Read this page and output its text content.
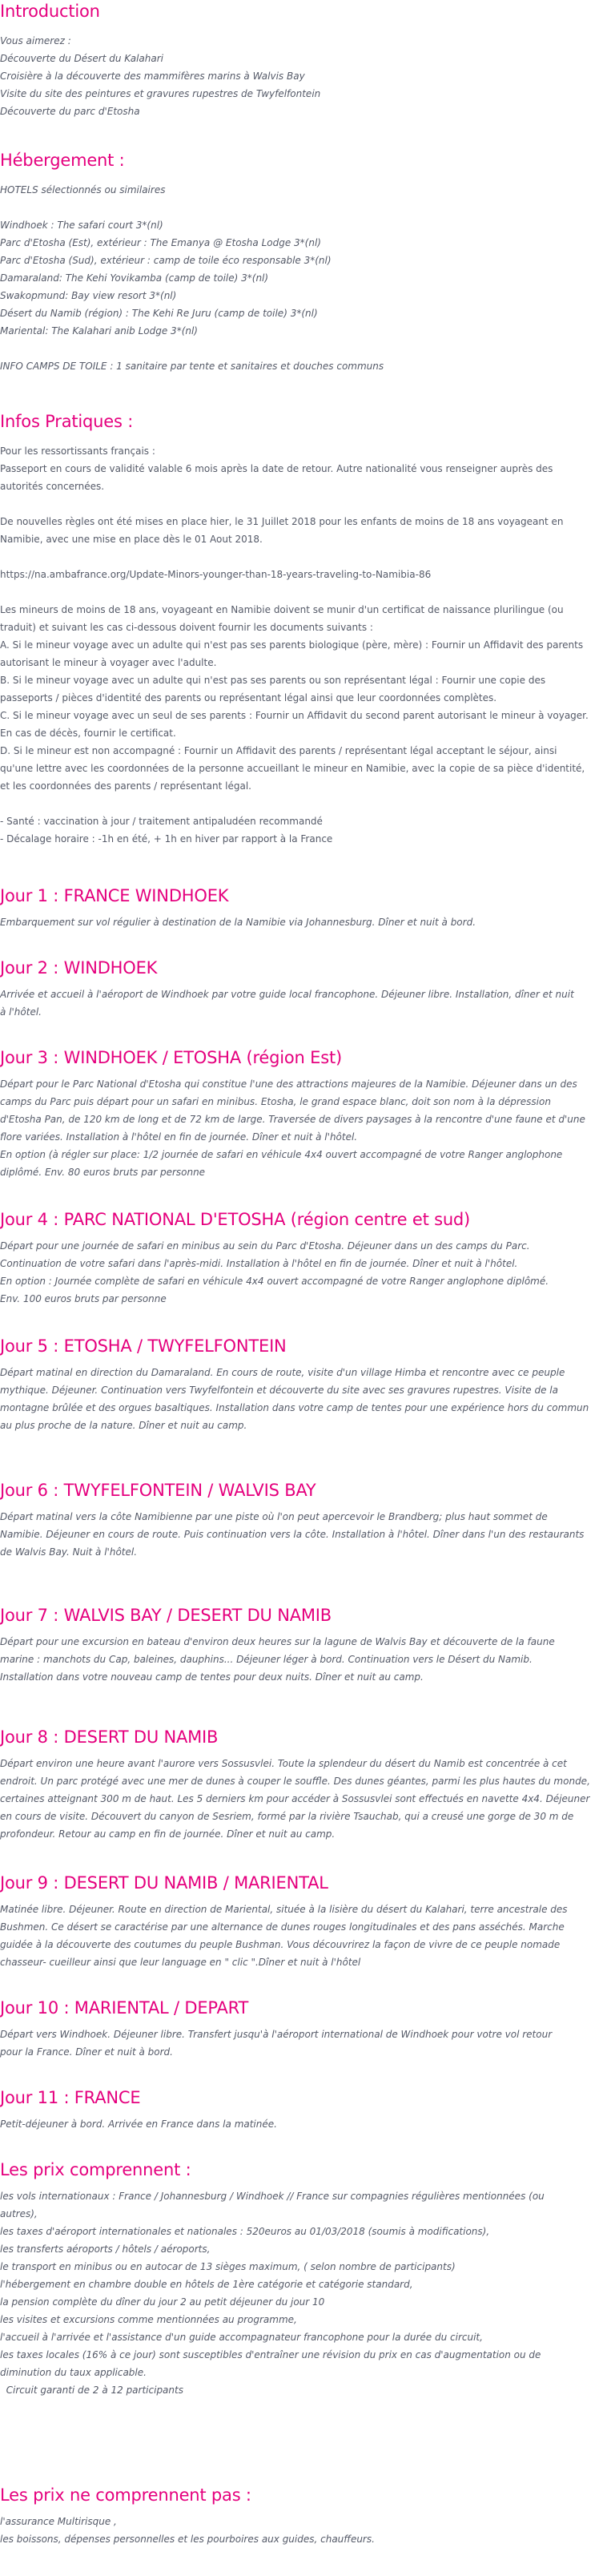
Introduction
Vous aimerez :
Découverte du Désert du Kalahari
Croisière à la découverte des mammifères marins à Walvis Bay
Visite du site des peintures et gravures rupestres de Twyfelfontein
Découverte du parc d'Etosha
Hébergement :
HOTELS sélectionnés ou similaires
Windhoek : The safari court 3*(nl)
Parc d'Etosha (Est), extérieur : The Emanya @ Etosha Lodge 3*(nl)
Parc d'Etosha (Sud), extérieur : camp de toile éco responsable 3*(nl)
Damaraland: The Kehi Yovikamba (camp de toile) 3*(nl)
Swakopmund: Bay view resort 3*(nl)
Désert du Namib (région) : The Kehi Re Juru (camp de toile) 3*(nl)
Mariental: The Kalahari anib Lodge 3*(nl)
INFO CAMPS DE TOILE : 1 sanitaire par tente et sanitaires et douches communs
Infos Pratiques :
Pour les ressortissants français :
Passeport en cours de validité valable 6 mois après la date de retour. Autre nationalité vous renseigner auprès des
autorités concernées.
De nouvelles règles ont été mises en place hier, le 31 Juillet 2018 pour les enfants de moins de 18 ans voyageant en
Namibie, avec une mise en place dès le 01 Aout 2018.
https://na.ambafrance.org/Update-Minors-younger-than-18-years-traveling-to-Namibia-86
Les mineurs de moins de 18 ans, voyageant en Namibie doivent se munir d'un certificat de naissance plurilingue (ou
traduit) et suivant les cas ci-dessous doivent fournir les documents suivants :
A. Si le mineur voyage avec un adulte qui n'est pas ses parents biologique (père, mère) : Fournir un Affidavit des parents
autorisant le mineur à voyager avec l'adulte.
B. Si le mineur voyage avec un adulte qui n'est pas ses parents ou son représentant légal : Fournir une copie des
passeports / pièces d'identité des parents ou représentant légal ainsi que leur coordonnées complètes.
C. Si le mineur voyage avec un seul de ses parents : Fournir un Affidavit du second parent autorisant le mineur à voyager.
En cas de décès, fournir le certificat.
D. Si le mineur est non accompagné : Fournir un Affidavit des parents / représentant légal acceptant le séjour, ainsi
qu'une lettre avec les coordonnées de la personne accueillant le mineur en Namibie, avec la copie de sa pièce d'identité,
et les coordonnées des parents / représentant légal.
- Santé : vaccination à jour / traitement antipaludéen recommandé
- Décalage horaire : -1h en été, + 1h en hiver par rapport à la France
Jour 1 : FRANCE WINDHOEK
Embarquement sur vol régulier à destination de la Namibie via Johannesburg. Dîner et nuit à bord.
Jour 2 : WINDHOEK
Arrivée et accueil à l'aéroport de Windhoek par votre guide local francophone. Déjeuner libre. Installation, dîner et nuit
à l'hôtel.
Jour 3 : WINDHOEK / ETOSHA (région Est)
Départ pour le Parc National d'Etosha qui constitue l'une des attractions majeures de la Namibie. Déjeuner dans un des
camps du Parc puis départ pour un safari en minibus. Etosha, le grand espace blanc, doit son nom à la dépression
d'Etosha Pan, de 120 km de long et de 72 km de large. Traversée de divers paysages à la rencontre d'une faune et d'une
flore variées. Installation à l'hôtel en fin de journée. Dîner et nuit à l'hôtel.
En option (à régler sur place: 1/2 journée de safari en véhicule 4x4 ouvert accompagné de votre Ranger anglophone
diplômé. Env. 80 euros bruts par personne
Jour 4 : PARC NATIONAL D'ETOSHA (région centre et sud)
Départ pour une journée de safari en minibus au sein du Parc d'Etosha. Déjeuner dans un des camps du Parc.
Continuation de votre safari dans l'après-midi. Installation à l'hôtel en fin de journée. Dîner et nuit à l'hôtel.
En option : Journée complète de safari en véhicule 4x4 ouvert accompagné de votre Ranger anglophone diplômé.
Env. 100 euros bruts par personne
Jour 5 : ETOSHA / TWYFELFONTEIN
Départ matinal en direction du Damaraland. En cours de route, visite d'un village Himba et rencontre avec ce peuple
mythique. Déjeuner. Continuation vers Twyfelfontein et découverte du site avec ses gravures rupestres. Visite de la
montagne brûlée et des orgues basaltiques. Installation dans votre camp de tentes pour une expérience hors du commun
au plus proche de la nature. Dîner et nuit au camp.
Jour 6 : TWYFELFONTEIN / WALVIS BAY
Départ matinal vers la côte Namibienne par une piste où l'on peut apercevoir le Brandberg; plus haut sommet de
Namibie. Déjeuner en cours de route. Puis continuation vers la côte. Installation à l'hôtel. Dîner dans l'un des restaurants
de Walvis Bay. Nuit à l'hôtel.
Jour 7 : WALVIS BAY / DESERT DU NAMIB
Départ pour une excursion en bateau d'environ deux heures sur la lagune de Walvis Bay et découverte de la faune
marine : manchots du Cap, baleines, dauphins... Déjeuner léger à bord. Continuation vers le Désert du Namib.
Installation dans votre nouveau camp de tentes pour deux nuits. Dîner et nuit au camp.
Jour 8 : DESERT DU NAMIB
Départ environ une heure avant l'aurore vers Sossusvlei. Toute la splendeur du désert du Namib est concentrée à cet
endroit. Un parc protégé avec une mer de dunes à couper le souffle. Des dunes géantes, parmi les plus hautes du monde,
certaines atteignant 300 m de haut. Les 5 derniers km pour accéder à Sossusvlei sont effectués en navette 4x4. Déjeuner
en cours de visite. Découvert du canyon de Sesriem, formé par la rivière Tsauchab, qui a creusé une gorge de 30 m de
profondeur. Retour au camp en fin de journée. Dîner et nuit au camp.
Jour 9 : DESERT DU NAMIB / MARIENTAL
Matinée libre. Déjeuner. Route en direction de Mariental, située à la lisière du désert du Kalahari, terre ancestrale des
Bushmen. Ce désert se caractérise par une alternance de dunes rouges longitudinales et des pans asséchés. Marche
guidée à la découverte des coutumes du peuple Bushman. Vous découvrirez la façon de vivre de ce peuple nomade
chasseur- cueilleur ainsi que leur language en " clic ".Dîner et nuit à l'hôtel
Jour 10 : MARIENTAL / DEPART
Départ vers Windhoek. Déjeuner libre. Transfert jusqu'à l'aéroport international de Windhoek pour votre vol retour
pour la France. Dîner et nuit à bord.
Jour 11 : FRANCE
Petit-déjeuner à bord. Arrivée en France dans la matinée.
Les prix comprennent :
les vols internationaux : France / Johannesburg / Windhoek // France sur compagnies régulières mentionnées (ou
autres),
les taxes d'aéroport internationales et nationales : 520euros au 01/03/2018 (soumis à modifications),
les transferts aéroports / hôtels / aéroports,
le transport en minibus ou en autocar de 13 sièges maximum, ( selon nombre de participants)
l'hébergement en chambre double en hôtels de 1ère catégorie et catégorie standard,
la pension complète du dîner du jour 2 au petit déjeuner du jour 10
les visites et excursions comme mentionnées au programme,
l'accueil à l'arrivée et l'assistance d'un guide accompagnateur francophone pour la durée du circuit,
les taxes locales (16% à ce jour) sont susceptibles d'entraîner une révision du prix en cas d'augmentation ou de
diminution du taux applicable.
Circuit garanti de 2 à 12 participants
Les prix ne comprennent pas :
l'assurance Multirisque ,
les boissons, dépenses personnelles et les pourboires aux guides, chauffeurs.
